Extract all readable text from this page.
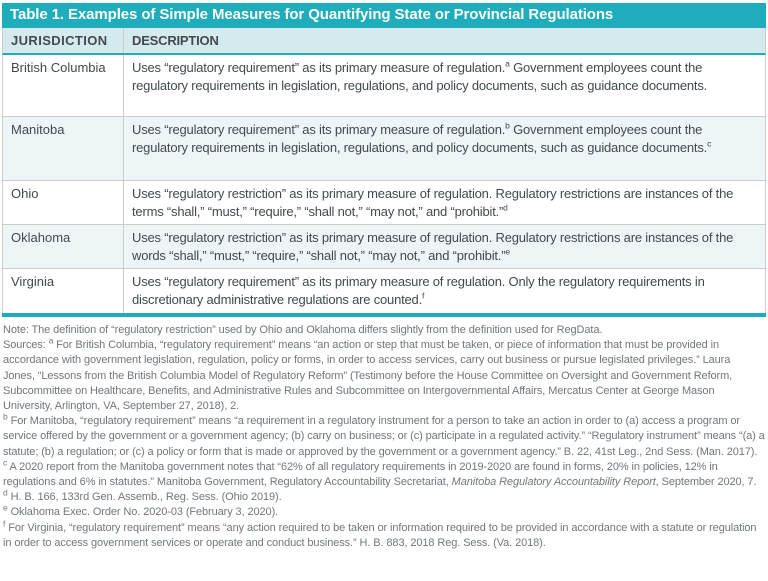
Table 1. Examples of Simple Measures for Quantifying State or Provincial Regulations
JURISDICTION	DESCRIPTION
British Columbia	Uses “regulatory requirement” as its primary measure of regulation.$^a$ Government employees count the regulatory requirements in legislation, regulations, and policy documents, such as guidance documents.
Manitoba	Uses “regulatory requirement” as its primary measure of regulation.$^b$ Government employees count the regulatory requirements in legislation, regulations, and policy documents, such as guidance documents.$^c$
Ohio	Uses “regulatory restriction” as its primary measure of regulation. Regulatory restrictions are instances of the terms “shall,” “must,” “require,” “shall not,” “may not,” and “prohibit.”$^d$
Oklahoma	Uses “regulatory restriction” as its primary measure of regulation. Regulatory restrictions are instances of the words “shall,” “must,” “require,” “shall not,” “may not,” and “prohibit.”$^e$
Virginia	Uses “regulatory requirement” as its primary measure of regulation. Only the regulatory requirements in discretionary administrative regulations are counted.$^f$

Note: The definition of “regulatory restriction” used by Ohio and Oklahoma differs slightly from the definition used for RegData.

Sources: $^a$ For British Columbia, “regulatory requirement” means “an action or step that must be taken, or piece of information that must be provided in accordance with government legislation, regulation, policy or forms, in order to access services, carry out business or pursue legislated privileges.” Laura Jones, “Lessons from the British Columbia Model of Regulatory Reform” (Testimony before the House Committee on Oversight and Government Reform, Subcommittee on Healthcare, Benefits, and Administrative Rules and Subcommittee on Intergovernmental Affairs, Mercatus Center at George Mason University, Arlington, VA, September 27, 2018), 2.

$^b$ For Manitoba, “regulatory requirement” means “a requirement in a regulatory instrument for a person to take an action in order to (a) access a program or service offered by the government or a government agency; (b) carry on business; or (c) participate in a regulated activity.” “Regulatory instrument” means “(a) a statute; (b) a regulation; or (c) a policy or form that is made or approved by the government or a government agency.” B. 22, 41st Leg., 2nd Sess. (Man. 2017).

$^c$ A 2020 report from the Manitoba government notes that “62% of all regulatory requirements in 2019-2020 are found in forms, 20% in policies, 12% in regulations and 6% in statutes.” Manitoba Government, Regulatory Accountability Secretariat, Manitoba Regulatory Accountability Report, September 2020, 7.

$^d$ H. B. 166, 133rd Gen. Assemb., Reg. Sess. (Ohio 2019).

$^e$ Oklahoma Exec. Order No. 2020-03 (February 3, 2020).

$^f$ For Virginia, “regulatory requirement” means “any action required to be taken or information required to be provided in accordance with a statute or regulation in order to access government services or operate and conduct business.” H. B. 883, 2018 Reg. Sess. (Va. 2018).
